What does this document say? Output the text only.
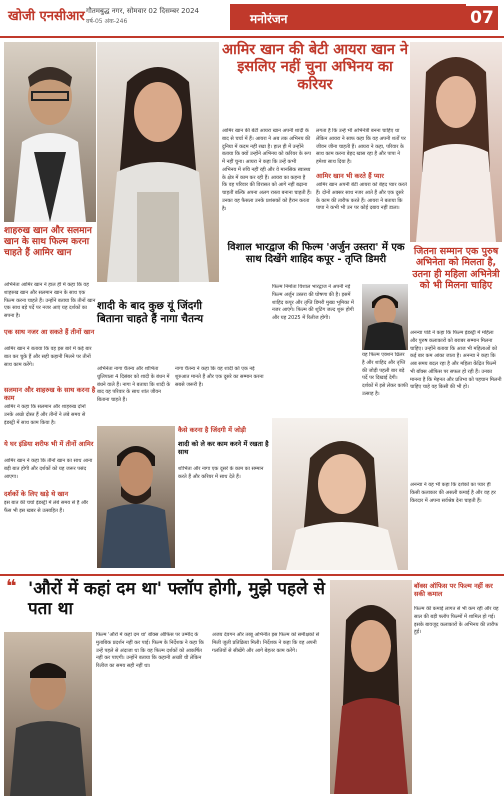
खोजी एनसीआर गौतमबुद्ध नगर, सोमवार 02 दिसम्बर 2024
वर्ष-05 अंक-246	मनोरंजन	07
आमिर खान की बेटी आयरा खान ने इसलिए नहीं चुना अभिनय का करियर
आमिर खान की बेटी आयरा खान अपनी शादी के बाद से चर्चा में हैं। आयरा ने अब तक अभिनय की दुनिया में कदम नहीं रखा है। हाल ही में उन्होंने बताया कि क्यों उन्होंने अभिनय को करियर के रूप में नहीं चुना। आयरा ने कहा कि उन्हें कभी अभिनय में रुचि नहीं रही और वे मानसिक स्वास्थ्य के क्षेत्र में काम कर रही हैं। आयरा का कहना है कि वह परिवार की विरासत को आगे नहीं बढ़ाना चाहतीं बल्कि अपना अलग रास्ता बनाना चाहती हैं। उनका यह फैसला उनके प्रशंसकों को हैरान करता है।
लगता है कि उन्हें भी अभिनेत्री बनना चाहिए था लेकिन आयरा ने साफ कहा कि वह अपनी शर्तों पर जीवन जीना चाहती हैं। आयरा ने कहा, परिवार के साथ काम करना बेहद खास रहा है और पापा ने हमेशा साथ दिया है।
आमिर खान भी करते हैं प्यार
आमिर खान अपनी बेटी आयरा को बेहद प्यार करते हैं। दोनों अक्सर साथ नजर आते हैं और एक दूसरे के काम की तारीफ करते हैं। आयरा ने बताया कि पापा ने कभी भी उन पर कोई दबाव नहीं डाला।
शाहरुख खान और सलमान खान के साथ फिल्म करना चाहते हैं आमिर खान
अभिनेता आमिर खान ने हाल ही में कहा कि वह शाहरुख खान और सलमान खान के साथ एक फिल्म करना चाहते हैं। उन्होंने बताया कि तीनों खान एक साथ बड़े पर्दे पर नजर आएं यह दर्शकों का सपना है।
एक साथ नजर आ सकते हैं तीनों खान
आमिर खान ने बताया कि वह इस बारे में कई बार बात कर चुके हैं और सही कहानी मिलने पर तीनों साथ काम करेंगे।
सलमान और शाहरुख के साथ करना है काम
आमिर ने कहा कि सलमान और शाहरुख दोनों उनके अच्छे दोस्त हैं और तीनों ने लंबे समय से इंडस्ट्री में साथ काम किया है।
ये घर इंडिया शरीफ भी में तीनों आमिर
आमिर खान ने कहा कि तीनों खान का साथ आना बड़ी बात होगी और दर्शकों को यह जरूर पसंद आएगा।
दर्शकों के लिए खड़े थे खान
इस बात की चर्चा इंडस्ट्री में लंबे समय से है और फैंस भी इस खबर से उत्साहित हैं।
शादी के बाद कुछ यूं जिंदगी बिताना चाहते हैं नागा चैतन्य
अभिनेता नागा चैतन्य और शोभिता धुलिपाला 4 दिसंबर को शादी के बंधन में बंधने वाले हैं। नागा ने बताया कि शादी के बाद वह परिवार के साथ शांत जीवन बिताना चाहते हैं।
नागा चैतन्य ने कहा कि वह शादी को एक नई शुरुआत मानते हैं और एक दूसरे का सम्मान करना सबसे जरूरी है।
कैसे करना है जिंदगी में जोड़ी
शादी को ले कर काम करने में रखता है साथ
शोभिता और नागा एक दूसरे के काम का सम्मान करते हैं और करियर में साथ देते हैं।
विशाल भारद्वाज की फिल्म 'अर्जुन उस्तरा' में एक साथ दिखेंगे शाहिद कपूर - तृप्ति डिमरी
फिल्म निर्माता विशाल भारद्वाज ने अपनी नई फिल्म अर्जुन उस्तरा की घोषणा की है। इसमें शाहिद कपूर और तृप्ति डिमरी मुख्य भूमिका में नजर आएंगे। फिल्म की शूटिंग जल्द शुरू होगी और यह 2025 में रिलीज होगी।
यह फिल्म एक्शन थ्रिलर है और शाहिद और तृप्ति की जोड़ी पहली बार बड़े पर्दे पर दिखाई देगी। दर्शकों में इसे लेकर काफी उत्साह है।
जितना सम्मान एक पुरुष अभिनेता को मिलता है, उतना ही महिला अभिनेत्री को भी मिलना चाहिए
अनन्या पांडे ने कहा कि फिल्म इंडस्ट्री में महिला और पुरुष कलाकारों को बराबर सम्मान मिलना चाहिए। उन्होंने बताया कि आज भी महिलाओं को कई बार कम आंका जाता है। अनन्या ने कहा कि अब समय बदल रहा है और महिला केंद्रित फिल्में भी बॉक्स ऑफिस पर सफल हो रही हैं। उनका मानना है कि मेहनत और प्रतिभा को पहचान मिलनी चाहिए चाहे वह किसी की भी हो।
अनन्या ने यह भी कहा कि दर्शकों का प्यार ही किसी कलाकार की असली कमाई है और वह हर किरदार में अपना सर्वश्रेष्ठ देना चाहती हैं।
❝ 'औरों में कहां दम था' फ्लॉप होगी, मुझे पहले से पता था
फिल्म 'औरों में कहां दम था' बॉक्स ऑफिस पर उम्मीद के मुताबिक प्रदर्शन नहीं कर पाई। फिल्म के निर्देशक ने कहा कि उन्हें पहले से अंदाजा था कि यह फिल्म दर्शकों को आकर्षित नहीं कर पाएगी। उन्होंने बताया कि कहानी अच्छी थी लेकिन रिलीज का समय सही नहीं था।
अजय देवगन और तब्बू अभिनीत इस फिल्म को समीक्षकों से मिली जुली प्रतिक्रिया मिली। निर्देशक ने कहा कि वह अपनी गलतियों से सीखेंगे और आगे बेहतर काम करेंगे।
बॉक्स ऑफिस पर फिल्म नहीं कर सकी कमाल
फिल्म की कमाई लागत से भी कम रही और यह साल की बड़ी फ्लॉप फिल्मों में शामिल हो गई। इसके बावजूद कलाकारों के अभिनय की तारीफ हुई।
